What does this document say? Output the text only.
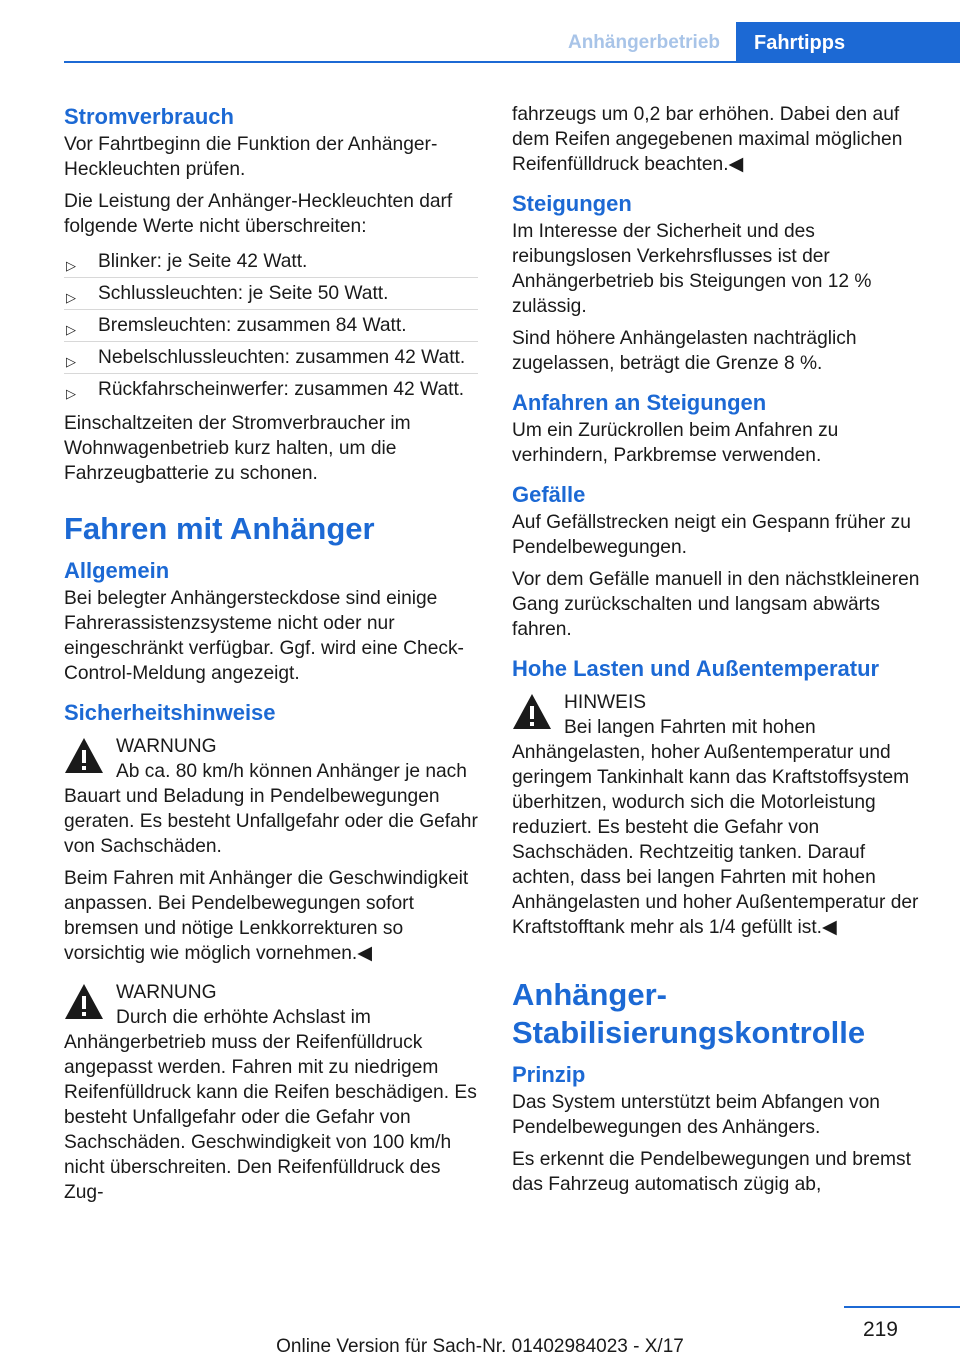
Anhängerbetrieb	Fahrtipps
Stromverbrauch

Vor Fahrtbeginn die Funktion der Anhänger-Heckleuchten prüfen.

Die Leistung der Anhänger-Heckleuchten darf folgende Werte nicht überschreiten:

▷ Blinker: je Seite 42 Watt.
▷ Schlussleuchten: je Seite 50 Watt.
▷ Bremsleuchten: zusammen 84 Watt.
▷ Nebelschlussleuchten: zusammen 42 Watt.
▷ Rückfahrscheinwerfer: zusammen 42 Watt.

Einschaltzeiten der Stromverbraucher im Wohnwagenbetrieb kurz halten, um die Fahrzeugbatterie zu schonen.

Fahren mit Anhänger
Allgemein

Bei belegter Anhängersteckdose sind einige Fahrerassistenzsysteme nicht oder nur eingeschränkt verfügbar. Ggf. wird eine Check-Control-Meldung angezeigt.

Sicherheitshinweise
WARNUNG

Ab ca. 80 km/h können Anhänger je nach Bauart und Beladung in Pendelbewegungen geraten. Es besteht Unfallgefahr oder die Gefahr von Sachschäden.

Beim Fahren mit Anhänger die Geschwindigkeit anpassen. Bei Pendelbewegungen sofort bremsen und nötige Lenkkorrekturen so vorsichtig wie möglich vornehmen.◀

WARNUNG

Durch die erhöhte Achslast im Anhängerbetrieb muss der Reifenfülldruck angepasst werden. Fahren mit zu niedrigem Reifenfülldruck kann die Reifen beschädigen. Es besteht Unfallgefahr oder die Gefahr von Sachschäden. Geschwindigkeit von 100 km/h nicht überschreiten. Den Reifenfülldruck des Zug-

fahrzeugs um 0,2 bar erhöhen. Dabei den auf dem Reifen angegebenen maximal möglichen Reifenfülldruck beachten.◀

Steigungen

Im Interesse der Sicherheit und des reibungslosen Verkehrsflusses ist der Anhängerbetrieb bis Steigungen von 12 % zulässig.

Sind höhere Anhängelasten nachträglich zugelassen, beträgt die Grenze 8 %.

Anfahren an Steigungen

Um ein Zurückrollen beim Anfahren zu verhindern, Parkbremse verwenden.

Gefälle

Auf Gefällstrecken neigt ein Gespann früher zu Pendelbewegungen.

Vor dem Gefälle manuell in den nächstkleineren Gang zurückschalten und langsam abwärts fahren.

Hohe Lasten und Außentemperatur
HINWEIS

Bei langen Fahrten mit hohen Anhängelasten, hoher Außentemperatur und geringem Tankinhalt kann das Kraftstoffsystem überhitzen, wodurch sich die Motorleistung reduziert. Es besteht die Gefahr von Sachschäden. Rechtzeitig tanken. Darauf achten, dass bei langen Fahrten mit hohen Anhängelasten und hoher Außentemperatur der Kraftstofftank mehr als 1/4 gefüllt ist.◀

Anhänger-Stabilisierungskontrolle
Prinzip

Das System unterstützt beim Abfangen von Pendelbewegungen des Anhängers.

Es erkennt die Pendelbewegungen und bremst das Fahrzeug automatisch zügig ab,

219
Online Version für Sach-Nr. 01402984023 - X/17
